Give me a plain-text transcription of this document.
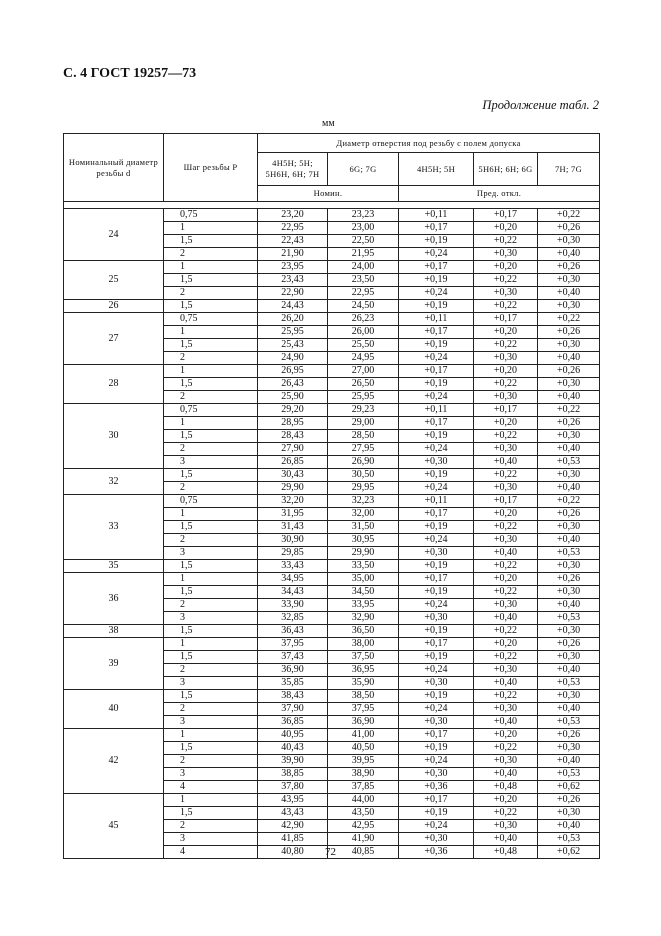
С. 4 ГОСТ 19257—73
Продолжение табл. 2
мм
Номинальный диаметр резьбы d	Шаг резьбы P	Диаметр отверстия под резьбу с полем допуска				
		4H5H; 5H; 5H6H, 6H; 7H	6G; 7G	4H5H; 5H	5H6H; 6H; 6G	7H; 7G
		Номин.		Пред. откл.		

24	0,75	23,20	23,23	+0,11	+0,17	+0,22
	1	22,95	23,00	+0,17	+0,20	+0,26
	1,5	22,43	22,50	+0,19	+0,22	+0,30
	2	21,90	21,95	+0,24	+0,30	+0,40
25	1	23,95	24,00	+0,17	+0,20	+0,26
	1,5	23,43	23,50	+0,19	+0,22	+0,30
	2	22,90	22,95	+0,24	+0,30	+0,40
26	1,5	24,43	24,50	+0,19	+0,22	+0,30
27	0,75	26,20	26,23	+0,11	+0,17	+0,22
	1	25,95	26,00	+0,17	+0,20	+0,26
	1,5	25,43	25,50	+0,19	+0,22	+0,30
	2	24,90	24,95	+0,24	+0,30	+0,40
28	1	26,95	27,00	+0,17	+0,20	+0,26
	1,5	26,43	26,50	+0,19	+0,22	+0,30
	2	25,90	25,95	+0,24	+0,30	+0,40
30	0,75	29,20	29,23	+0,11	+0,17	+0,22
	1	28,95	29,00	+0,17	+0,20	+0,26
	1,5	28,43	28,50	+0,19	+0,22	+0,30
	2	27,90	27,95	+0,24	+0,30	+0,40
	3	26,85	26,90	+0,30	+0,40	+0,53
32	1,5	30,43	30,50	+0,19	+0,22	+0,30
	2	29,90	29,95	+0,24	+0,30	+0,40
33	0,75	32,20	32,23	+0,11	+0,17	+0,22
	1	31,95	32,00	+0,17	+0,20	+0,26
	1,5	31,43	31,50	+0,19	+0,22	+0,30
	2	30,90	30,95	+0,24	+0,30	+0,40
	3	29,85	29,90	+0,30	+0,40	+0,53
35	1,5	33,43	33,50	+0,19	+0,22	+0,30
36	1	34,95	35,00	+0,17	+0,20	+0,26
	1,5	34,43	34,50	+0,19	+0,22	+0,30
	2	33,90	33,95	+0,24	+0,30	+0,40
	3	32,85	32,90	+0,30	+0,40	+0,53
38	1,5	36,43	36,50	+0,19	+0,22	+0,30
39	1	37,95	38,00	+0,17	+0,20	+0,26
	1,5	37,43	37,50	+0,19	+0,22	+0,30
	2	36,90	36,95	+0,24	+0,30	+0,40
	3	35,85	35,90	+0,30	+0,40	+0,53
40	1,5	38,43	38,50	+0,19	+0,22	+0,30
	2	37,90	37,95	+0,24	+0,30	+0,40
	3	36,85	36,90	+0,30	+0,40	+0,53
42	1	40,95	41,00	+0,17	+0,20	+0,26
	1,5	40,43	40,50	+0,19	+0,22	+0,30
	2	39,90	39,95	+0,24	+0,30	+0,40
	3	38,85	38,90	+0,30	+0,40	+0,53
	4	37,80	37,85	+0,36	+0,48	+0,62
45	1	43,95	44,00	+0,17	+0,20	+0,26
	1,5	43,43	43,50	+0,19	+0,22	+0,30
	2	42,90	42,95	+0,24	+0,30	+0,40
	3	41,85	41,90	+0,30	+0,40	+0,53
	4	40,80	40,85	+0,36	+0,48	+0,62
72
